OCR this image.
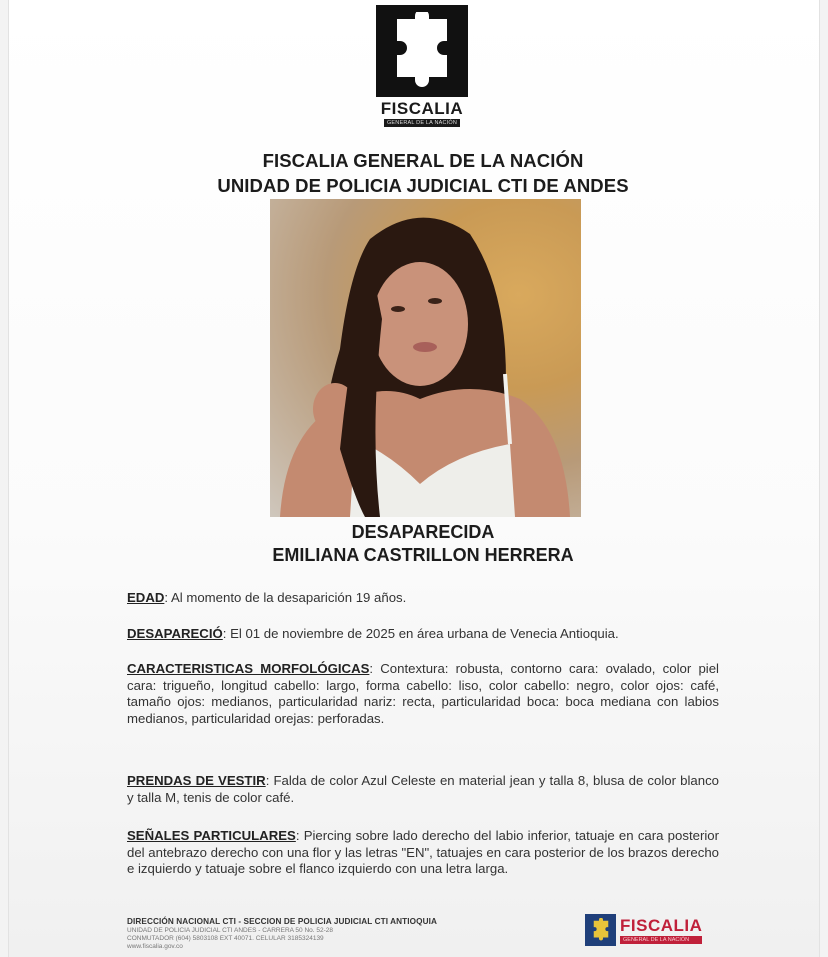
FISCALIA
GENERAL DE LA NACIÓN
FISCALIA GENERAL DE LA NACIÓN
UNIDAD DE POLICIA JUDICIAL CTI DE ANDES
DESAPARECIDA
EMILIANA CASTRILLON HERRERA
EDAD: Al momento de la desaparición 19 años.
DESAPARECIÓ: El 01 de noviembre de 2025 en área urbana de Venecia Antioquia.
CARACTERISTICAS MORFOLÓGICAS: Contextura: robusta, contorno cara: ovalado, color piel cara: trigueño, longitud cabello: largo, forma cabello: liso, color cabello: negro, color ojos: café, tamaño ojos: medianos, particularidad nariz: recta, particularidad boca: boca mediana con labios medianos, particularidad orejas: perforadas.
PRENDAS DE VESTIR: Falda de color Azul Celeste en material jean y talla 8, blusa de color blanco y talla M, tenis de color café.
SEÑALES PARTICULARES: Piercing sobre lado derecho del labio inferior, tatuaje en cara posterior del antebrazo derecho con una flor y las letras "EN", tatuajes en cara posterior de los brazos derecho e izquierdo y tatuaje sobre el flanco izquierdo con una letra larga.
DIRECCIÓN NACIONAL CTI - SECCION DE POLICIA JUDICIAL CTI ANTIOQUIA
UNIDAD DE POLICIA JUDICIAL CTI ANDES - CARRERA 50 No. 52-28
CONMUTADOR (604) 5803108 EXT 40071. CELULAR 3185324139
www.fiscalia.gov.co
FISCALIA
GENERAL DE LA NACIÓN
